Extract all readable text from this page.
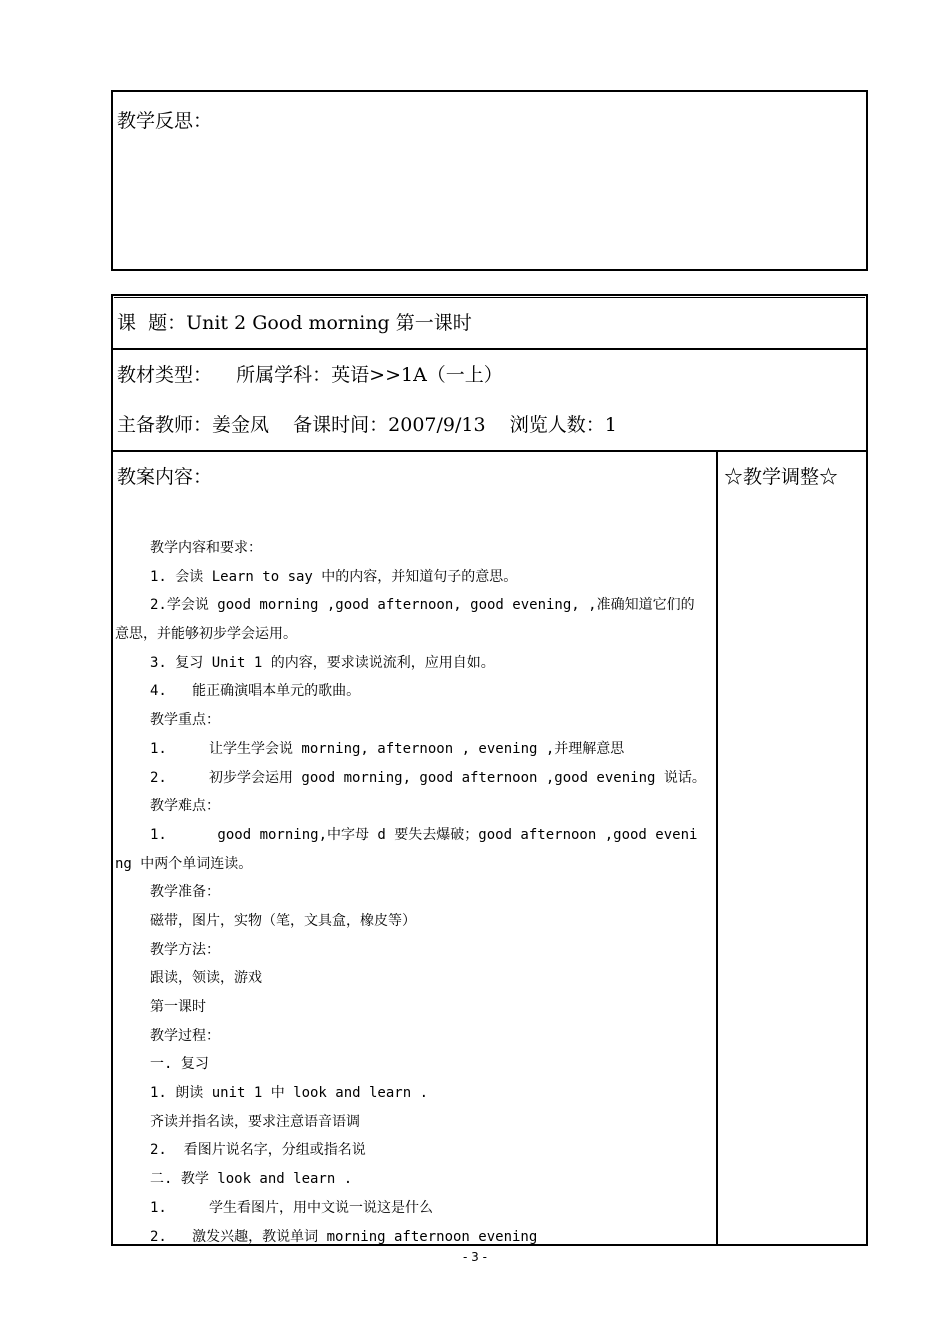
教学反思：
课  题：Unit 2 Good morning 第一课时
教材类型：    所属学科：英语>>1A（一上）
主备教师：姜金凤    备课时间：2007/9/13    浏览人数：1
教案内容：	☆教学调整☆
教学内容和要求：
1. 会读 Learn to say 中的内容，并知道句子的意思。
2.学会说 good morning ,good afternoon, good evening, ,准确知道它们的
意思，并能够初步学会运用。
3. 复习 Unit 1 的内容，要求读说流利，应用自如。
4.   能正确演唱本单元的歌曲。
教学重点：
1.     让学生学会说 morning, afternoon , evening ,并理解意思
2.     初步学会运用 good morning, good afternoon ,good evening 说话。
教学难点：
1.      good morning,中字母 d 要失去爆破；good afternoon ,good eveni
ng 中两个单词连读。
教学准备：
磁带，图片，实物（笔，文具盒，橡皮等）
教学方法：
跟读，领读，游戏
第一课时
教学过程：
一. 复习
1. 朗读 unit 1 中 look and learn .
齐读并指名读，要求注意语音语调
2.  看图片说名字，分组或指名说
二. 教学 look and learn .
1.     学生看图片，用中文说一说这是什么
2.   激发兴趣，教说单词 morning afternoon evening
- 3 -
